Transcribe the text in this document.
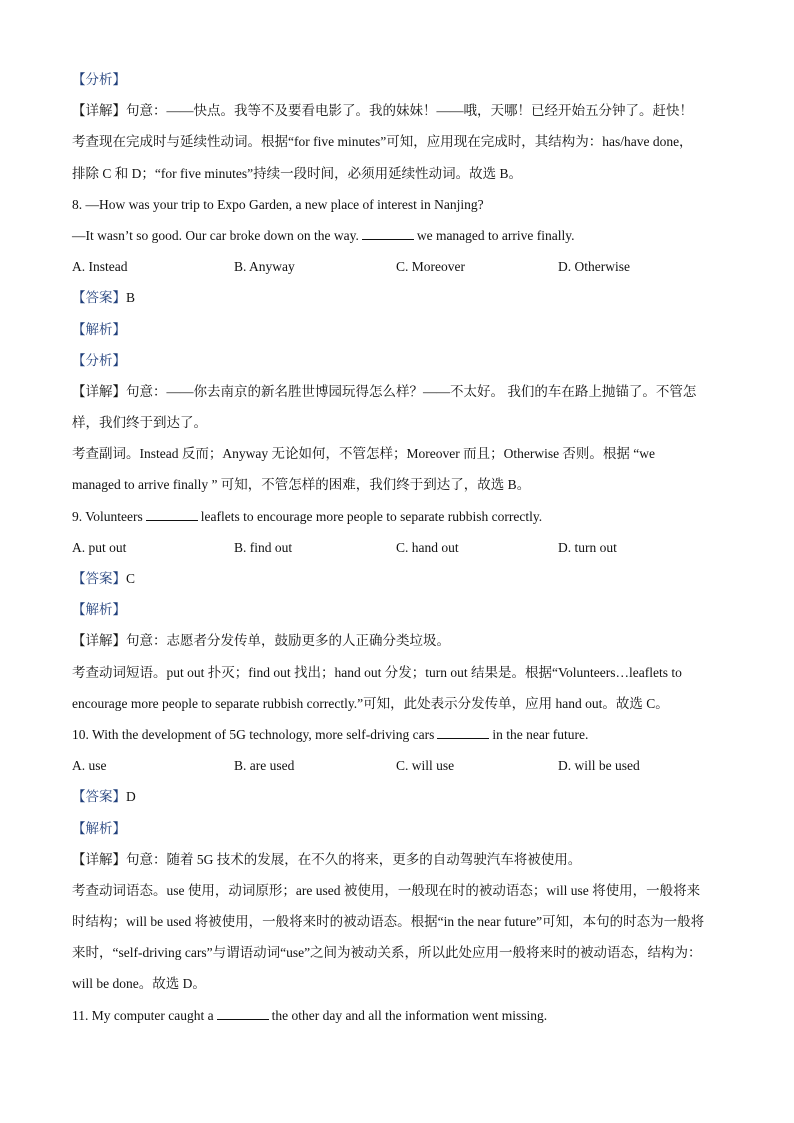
【分析】
【详解】句意：——快点。我等不及要看电影了。我的妹妹！——哦，天哪！已经开始五分钟了。赶快！
考查现在完成时与延续性动词。根据“for five minutes”可知，应用现在完成时，其结构为：has/have done，
排除 C 和 D；“for five minutes”持续一段时间，必须用延续性动词。故选 B。
8. —How was your trip to Expo Garden, a new place of interest in Nanjing?
—It wasn’t so good. Our car broke down on the way.	we managed to arrive finally.
A. Instead	B. Anyway	C. Moreover	D. Otherwise
【答案】B
【解析】
【分析】
【详解】句意：——你去南京的新名胜世博园玩得怎么样？——不太好。 我们的车在路上抛锚了。不管怎
样，我们终于到达了。
考查副词。Instead 反而；Anyway 无论如何，不管怎样；Moreover 而且；Otherwise 否则。根据 “we
managed to arrive finally ” 可知，不管怎样的困难，我们终于到达了，故选 B。
9. Volunteers	leaflets to encourage more people to separate rubbish correctly.
A. put out	B. find out	C. hand out	D. turn out
【答案】C
【解析】
【详解】句意：志愿者分发传单，鼓励更多的人正确分类垃圾。
考查动词短语。put out 扑灭；find out 找出；hand out 分发；turn out 结果是。根据“Volunteers…leaflets to
encourage more people to separate rubbish correctly.”可知，此处表示分发传单，应用 hand out。故选 C。
10. With the development of 5G technology, more self-driving cars	in the near future.
A. use	B. are used	C. will use	D. will be used
【答案】D
【解析】
【详解】句意：随着 5G 技术的发展，在不久的将来，更多的自动驾驶汽车将被使用。
考查动词语态。use 使用，动词原形；are used 被使用，一般现在时的被动语态；will use 将使用，一般将来
时结构；will be used 将被使用，一般将来时的被动语态。根据“in the near future”可知，本句的时态为一般将
来时，“self-driving cars”与谓语动词“use”之间为被动关系，所以此处应用一般将来时的被动语态，结构为：
will be done。故选 D。
11. My computer caught a	the other day and all the information went missing.
